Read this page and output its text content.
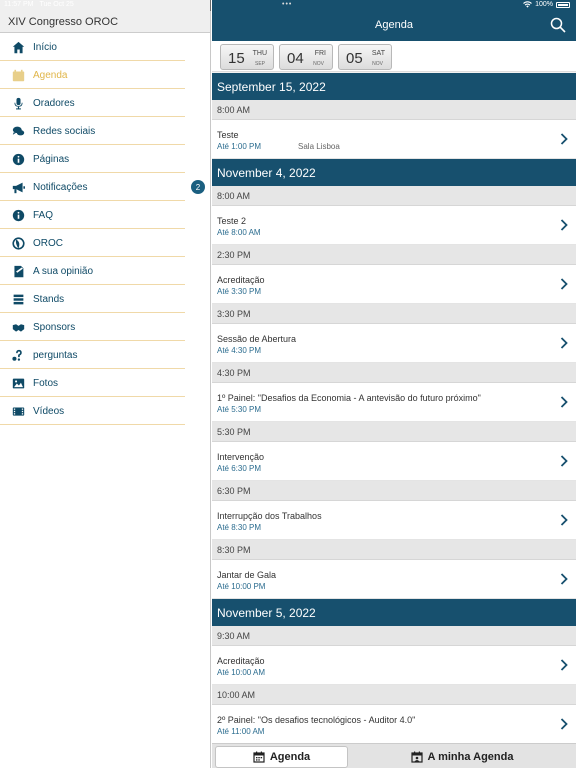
XIV Congresso OROC
Início
Agenda
Oradores
Redes sociais
Páginas
Notificações	2
FAQ
OROC
A sua opinião
Stands
Sponsors
perguntas
Fotos
Vídeos
11:57 PM Tue Oct 25	•••	100%
Agenda
15 THU
SEP 04 FRI
NOV 05 SAT
NOV
September 15, 2022
8:00 AM
Teste
Até 1:00 PM	Sala Lisboa
November 4, 2022
8:00 AM
Teste 2
Até 8:00 AM
2:30 PM
Acreditação
Até 3:30 PM
3:30 PM
Sessão de Abertura
Até 4:30 PM
4:30 PM
1º Painel: "Desafios da Economia - A antevisão do futuro próximo"
Até 5:30 PM
5:30 PM
Intervenção
Até 6:30 PM
6:30 PM
Interrupção dos Trabalhos
Até 8:30 PM
8:30 PM
Jantar de Gala
Até 10:00 PM
November 5, 2022
9:30 AM
Acreditação
Até 10:00 AM
10:00 AM
2º Painel: "Os desafios tecnológicos - Auditor 4.0"
Até 11:00 AM
Agenda	A minha Agenda
